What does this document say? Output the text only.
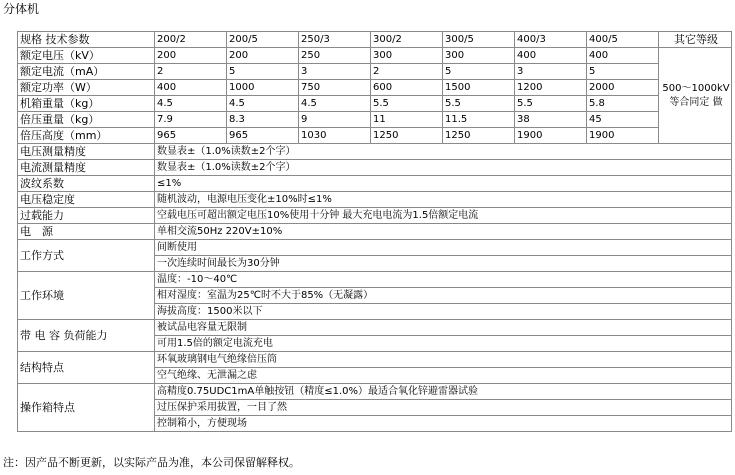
分体机
规格 技术参数	200/2	200/5	250/3	300/2	300/5	400/3	400/5	其它等级
额定电压（kV）	200	200	250	300	300	400	400	500～1000kV 等合同定 做
额定电流（mA）	2	5	3	2	5	3	5	
额定功率（W）	400	1000	750	600	1500	1200	2000	
机箱重量（kg）	4.5	4.5	4.5	5.5	5.5	5.5	5.8	
倍压重量（kg）	7.9	8.3	9	11	11.5	38	45	
倍压高度（mm）	965	965	1030	1250	1250	1900	1900	
电压测量精度	数显表±（1.0%读数±2个字）							
电流测量精度	数显表±（1.0%读数±2个字）							
波纹系数	≤1%							
电压稳定度	随机波动，电源电压变化±10%时≤1%							
过载能力	空载电压可超出额定电压10%使用十分钟 最大充电电流为1.5倍额定电流							
电　源	单相交流50Hz 220V±10%							
工作方式	间断使用							
	一次连续时间最长为30分钟							
工作环境	温度：-10～40℃							
	相对湿度：室温为25℃时不大于85%（无凝露）							
	海拔高度：1500米以下							
带 电 容 负荷能力	被试品电容量无限制							
	可用1.5倍的额定电流充电							
结构特点	环氧玻璃钢电气绝缘倍压筒							
	空气绝缘、无泄漏之虑							
操作箱特点	高精度0.75UDC1mA单触按钮（精度≤1.0%）最适合氧化锌避雷器试验							
	过压保护采用拔置，一目了然							
	控制箱小，方便现场							
注：因产品不断更新，以实际产品为准，本公司保留解释权。
